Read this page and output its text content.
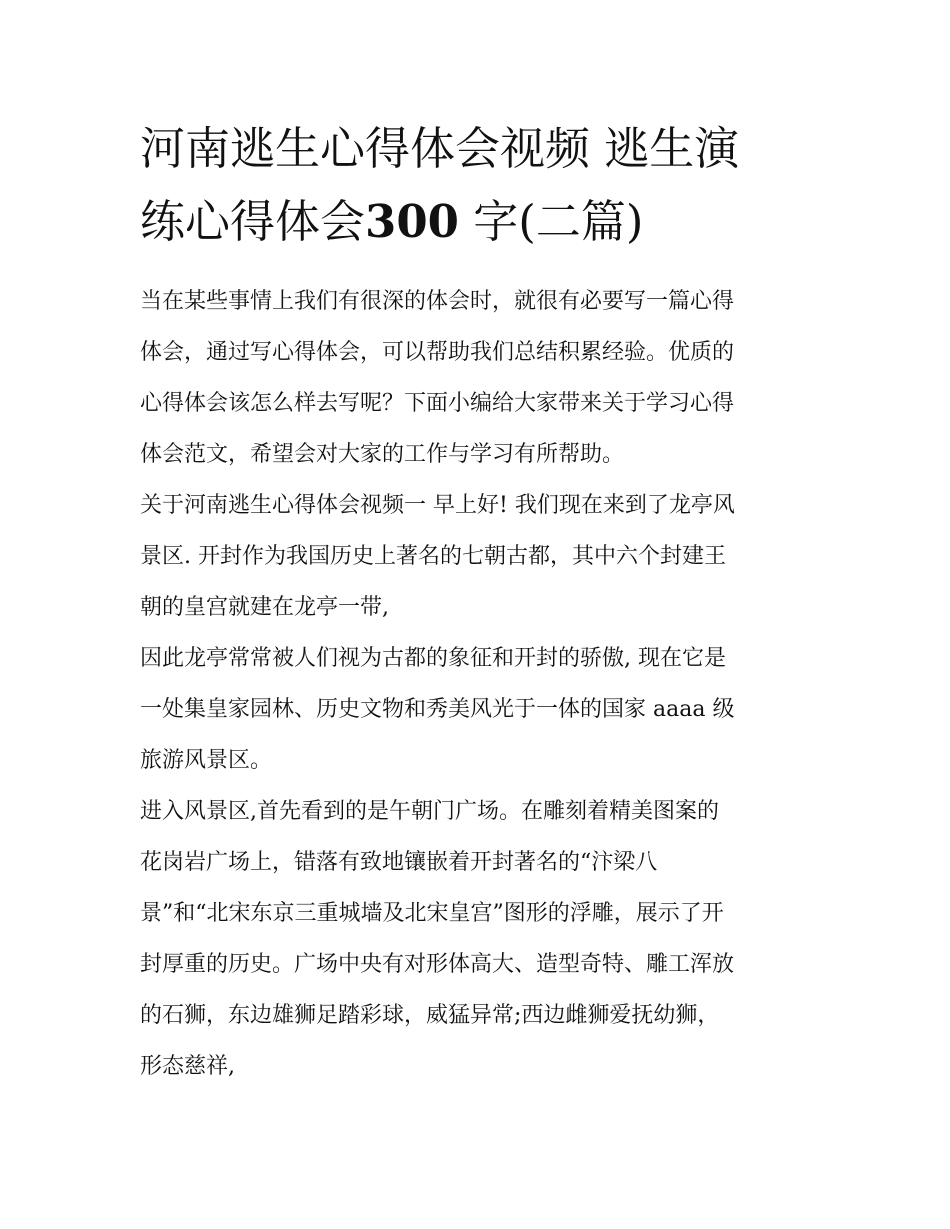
河南逃生心得体会视频 逃生演
练心得体会300 字(二篇)

当在某些事情上我们有很深的体会时，就很有必要写一篇心得
体会，通过写心得体会，可以帮助我们总结积累经验。优质的
心得体会该怎么样去写呢？下面小编给大家带来关于学习心得
体会范文，希望会对大家的工作与学习有所帮助。

关于河南逃生心得体会视频一 早上好! 我们现在来到了龙亭风
景区. 开封作为我国历史上著名的七朝古都，其中六个封建王
朝的皇宫就建在龙亭一带,

因此龙亭常常被人们视为古都的象征和开封的骄傲, 现在它是
一处集皇家园林、历史文物和秀美风光于一体的国家 aaaa 级
旅游风景区。

进入风景区,首先看到的是午朝门广场。在雕刻着精美图案的
花岗岩广场上，错落有致地镶嵌着开封著名的“汴梁八
景”和“北宋东京三重城墙及北宋皇宫”图形的浮雕，展示了开
封厚重的历史。广场中央有对形体高大、造型奇特、雕工浑放
的石狮，东边雄狮足踏彩球，威猛异常;西边雌狮爱抚幼狮，
形态慈祥,
